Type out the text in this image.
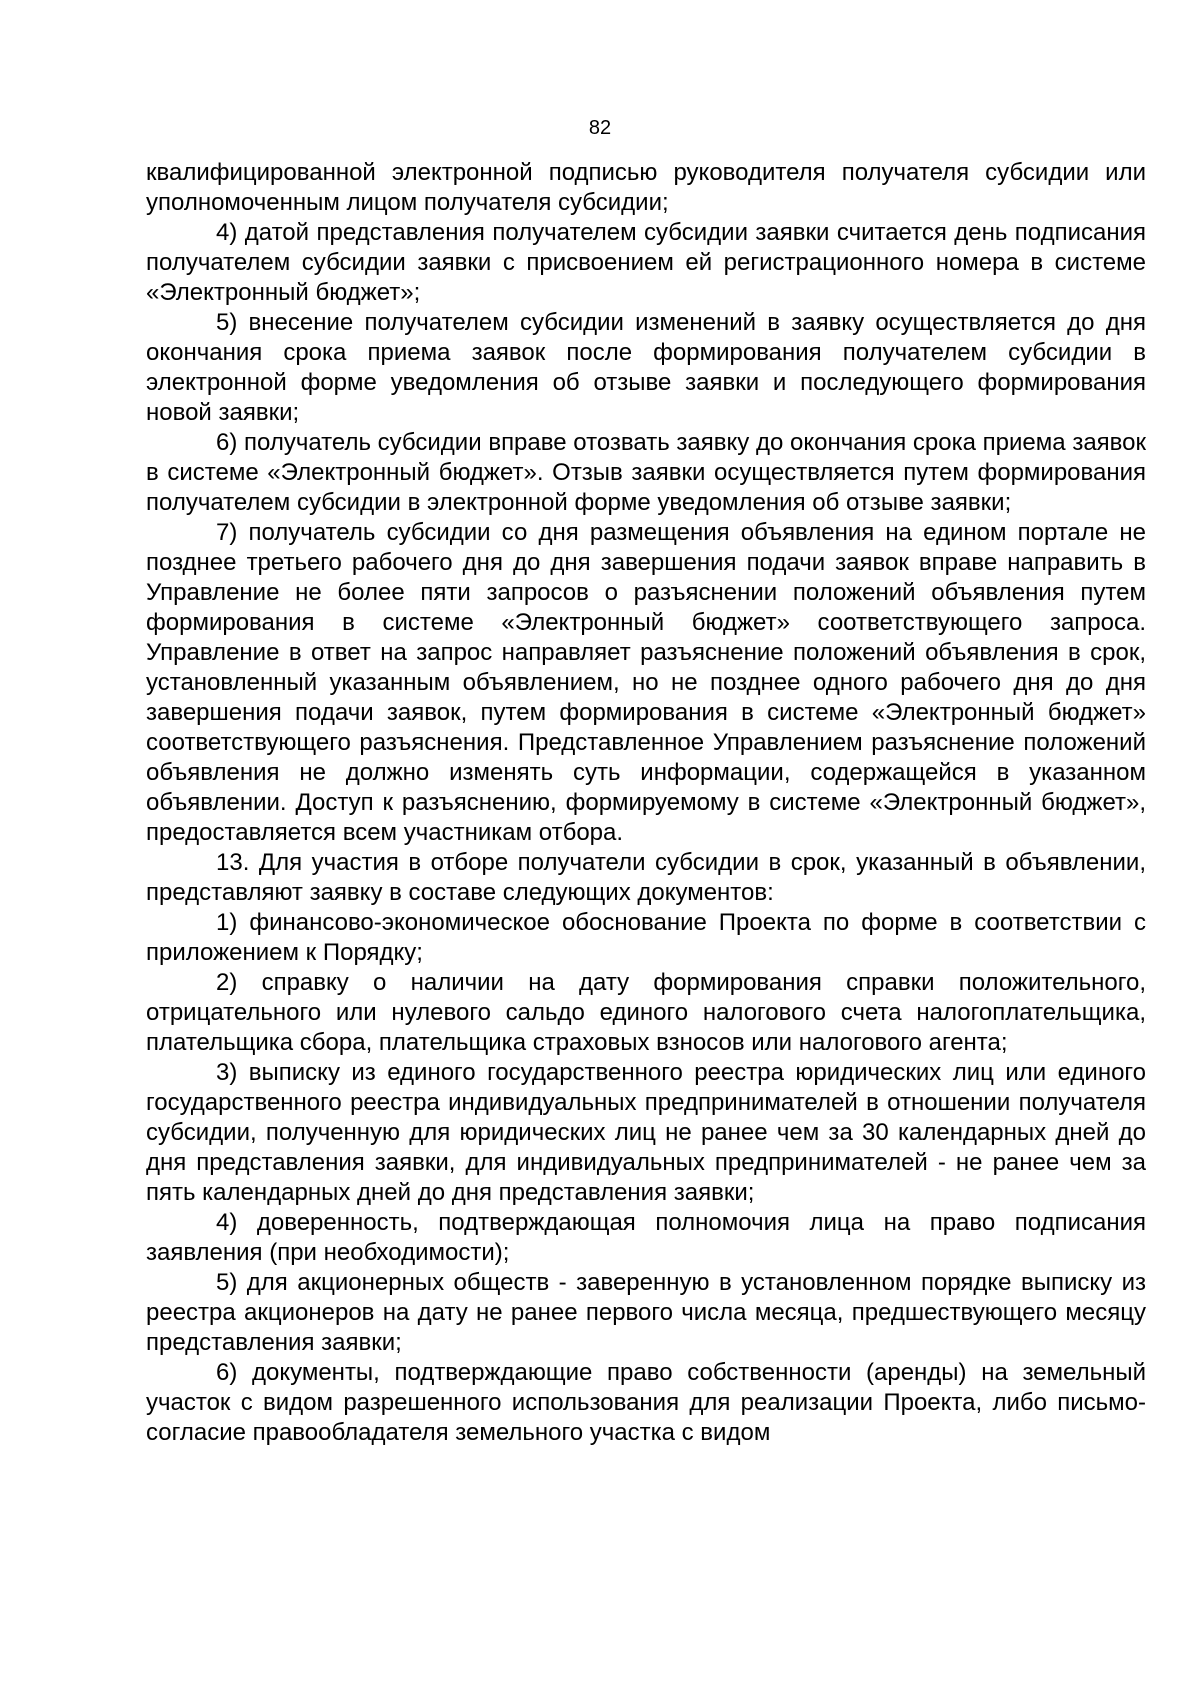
82

квалифицированной электронной подписью руководителя получателя субсидии или уполномоченным лицом получателя субсидии;

4) датой представления получателем субсидии заявки считается день подписания получателем субсидии заявки с присвоением ей регистрационного номера в системе «Электронный бюджет»;

5) внесение получателем субсидии изменений в заявку осуществляется до дня окончания срока приема заявок после формирования получателем субсидии в электронной форме уведомления об отзыве заявки и последующего формирования новой заявки;

6) получатель субсидии вправе отозвать заявку до окончания срока приема заявок в системе «Электронный бюджет». Отзыв заявки осуществляется путем формирования получателем субсидии в электронной форме уведомления об отзыве заявки;

7) получатель субсидии со дня размещения объявления на едином портале не позднее третьего рабочего дня до дня завершения подачи заявок вправе направить в Управление не более пяти запросов о разъяснении положений объявления путем формирования в системе «Электронный бюджет» соответствующего запроса. Управление в ответ на запрос направляет разъяснение положений объявления в срок, установленный указанным объявлением, но не позднее одного рабочего дня до дня завершения подачи заявок, путем формирования в системе «Электронный бюджет» соответствующего разъяснения. Представленное Управлением разъяснение положений объявления не должно изменять суть информации, содержащейся в указанном объявлении. Доступ к разъяснению, формируемому в системе «Электронный бюджет», предоставляется всем участникам отбора.

13. Для участия в отборе получатели субсидии в срок, указанный в объявлении, представляют заявку в составе следующих документов:

1) финансово-экономическое обоснование Проекта по форме в соответствии с приложением к Порядку;

2) справку о наличии на дату формирования справки положительного, отрицательного или нулевого сальдо единого налогового счета налогоплательщика, плательщика сбора, плательщика страховых взносов или налогового агента;

3) выписку из единого государственного реестра юридических лиц или единого государственного реестра индивидуальных предпринимателей в отношении получателя субсидии, полученную для юридических лиц не ранее чем за 30 календарных дней до дня представления заявки, для индивидуальных предпринимателей - не ранее чем за пять календарных дней до дня представления заявки;

4) доверенность, подтверждающая полномочия лица на право подписания заявления (при необходимости);

5) для акционерных обществ - заверенную в установленном порядке выписку из реестра акционеров на дату не ранее первого числа месяца, предшествующего месяцу представления заявки;

6) документы, подтверждающие право собственности (аренды) на земельный участок с видом разрешенного использования для реализации Проекта, либо письмо-согласие правообладателя земельного участка с видом
